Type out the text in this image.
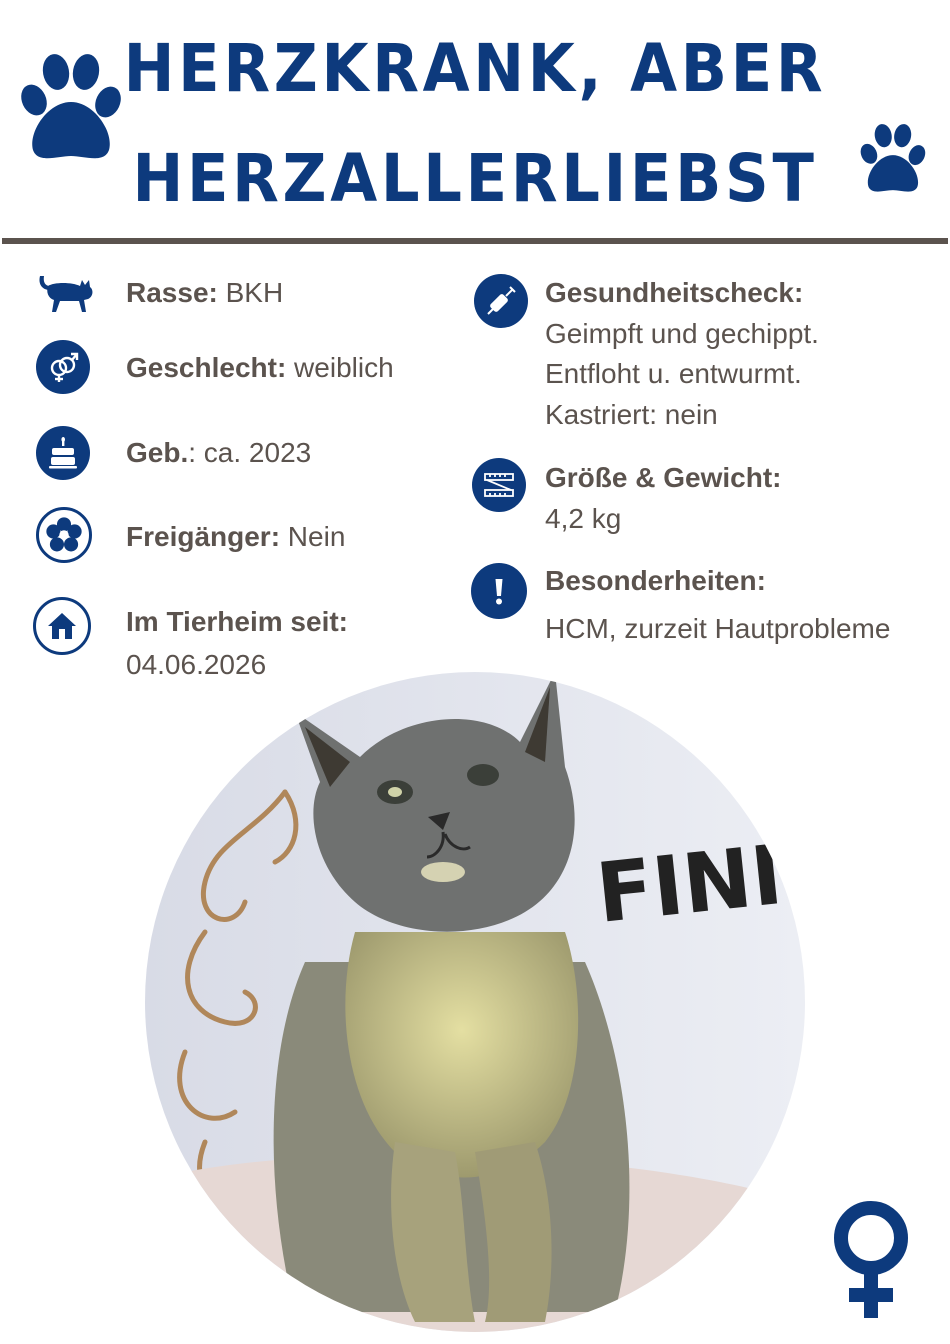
HERZKRANK, ABER
HERZALLERLIEBST
Rasse: BKH
Geschlecht: weiblich
Geb.: ca. 2023
Freigänger: Nein
Im Tierheim seit:
04.06.2026
Gesundheitscheck:
Geimpft und gechippt.
Entfloht u. entwurmt.
Kastriert: nein
Größe & Gewicht:
4,2 kg
Besonderheiten:
HCM, zurzeit Hautprobleme
FINI
